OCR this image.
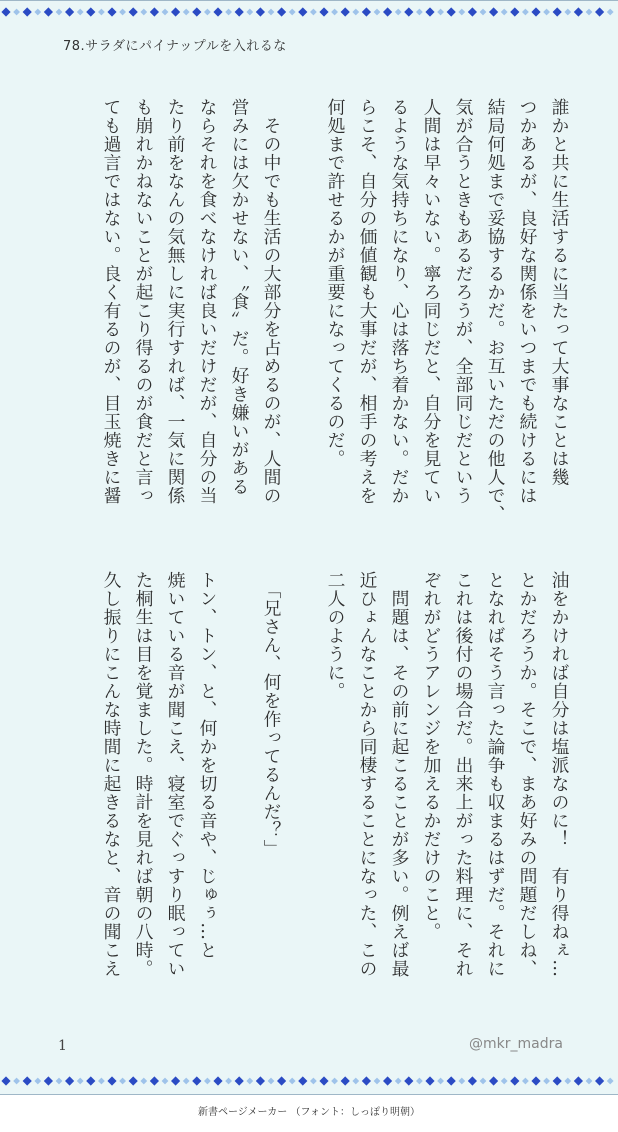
78.サラダにパイナップルを入れるな
誰かと共に生活するに当たって大事なことは幾
つかあるが、良好な関係をいつまでも続けるには
結局何処まで妥協するかだ。お互いただの他人で、
気が合うときもあるだろうが、全部同じだという
人間は早々いない。寧ろ同じだと、自分を見てい
るような気持ちになり、心は落ち着かない。だか
らこそ、自分の価値観も大事だが、相手の考えを
何処まで許せるかが重要になってくるのだ。

　その中でも生活の大部分を占めるのが、人間の
営みには欠かせない、〝食〟だ。好き嫌いがある
ならそれを食べなければ良いだけだが、自分の当
たり前をなんの気無しに実行すれば、一気に関係
も崩れかねないことが起こり得るのが食だと言っ
ても過言ではない。良く有るのが、目玉焼きに醤
油をかければ自分は塩派なのに！　有り得ねぇ…
とかだろうか。そこで、まあ好みの問題だしね、
となればそう言った論争も収まるはずだ。それに
これは後付の場合だ。出来上がった料理に、それ
ぞれがどうアレンジを加えるかだけのこと。
　問題は、その前に起こることが多い。例えば最
近ひょんなことから同棲することになった、この
二人のように。

　「兄さん、何を作ってるんだ？」

トン、トン、と、何かを切る音や、じゅぅ…と
焼いている音が聞こえ、寝室でぐっすり眠ってい
た桐生は目を覚ました。時計を見れば朝の八時。
久し振りにこんな時間に起きるなと、音の聞こえ
1	@mkr_madra
新書ページメーカー （フォント：しっぽり明朝）
